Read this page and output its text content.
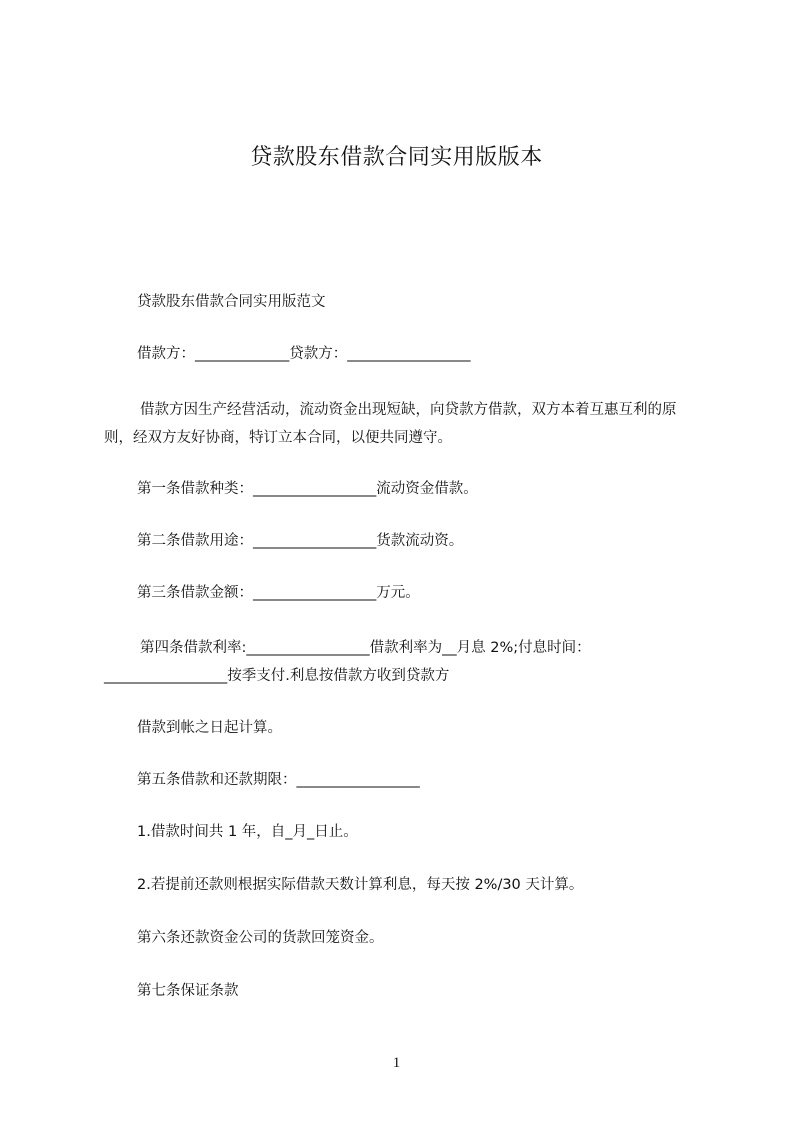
贷款股东借款合同实用版版本
贷款股东借款合同实用版范文
借款方：_____________贷款方：_________________
借款方因生产经营活动，流动资金出现短缺，向贷款方借款，双方本着互惠互利的原则，经双方友好协商，特订立本合同，以便共同遵守。
第一条借款种类：_________________流动资金借款。
第二条借款用途：_________________货款流动资。
第三条借款金额：_________________万元。
第四条借款利率:_________________借款利率为__月息 2%;付息时间：_________________按季支付.利息按借款方收到贷款方
借款到帐之日起计算。
第五条借款和还款期限：_________________
1.借款时间共 1 年，自_月_日止。
2.若提前还款则根据实际借款天数计算利息，每天按 2%/30 天计算。
第六条还款资金公司的货款回笼资金。
第七条保证条款
1
